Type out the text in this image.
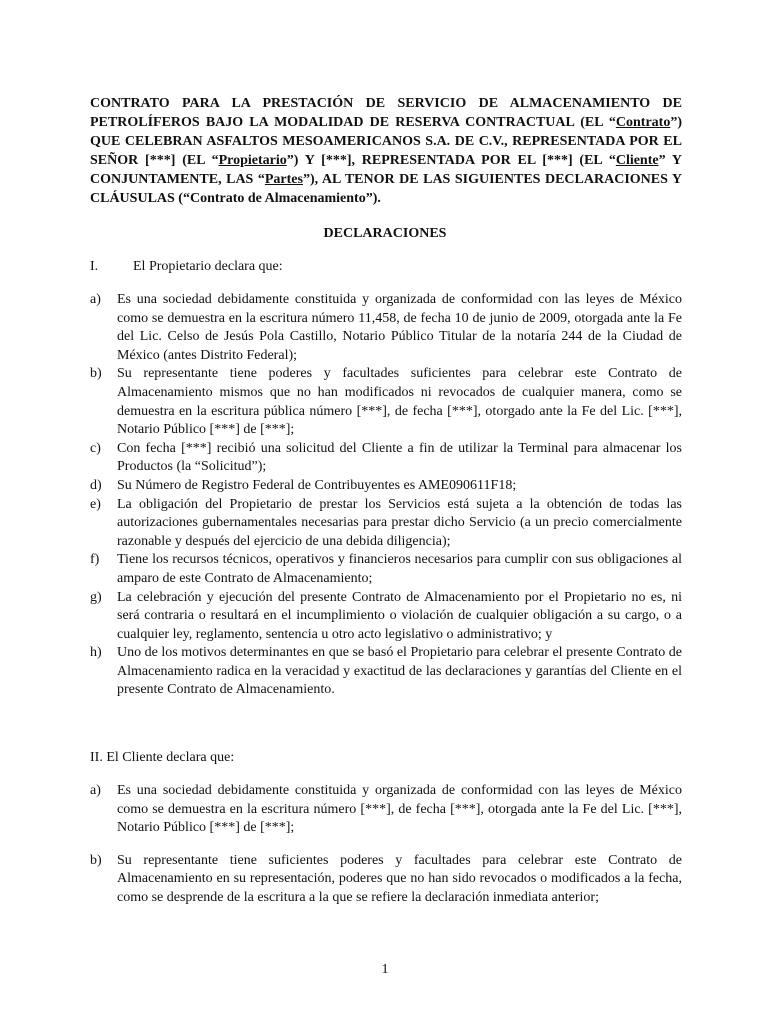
CONTRATO PARA LA PRESTACIÓN DE SERVICIO DE ALMACENAMIENTO DE PETROLÍFEROS BAJO LA MODALIDAD DE RESERVA CONTRACTUAL (EL “Contrato”) QUE CELEBRAN ASFALTOS MESOAMERICANOS S.A. DE C.V., REPRESENTADA POR EL SEÑOR [***] (EL “Propietario”) Y [***], REPRESENTADA POR EL [***] (EL “Cliente” Y CONJUNTAMENTE, LAS “Partes”), AL TENOR DE LAS SIGUIENTES DECLARACIONES Y CLÁUSULAS (“Contrato de Almacenamiento”).
DECLARACIONES
I. El Propietario declara que:
a)	Es una sociedad debidamente constituida y organizada de conformidad con las leyes de México como se demuestra en la escritura número 11,458, de fecha 10 de junio de 2009, otorgada ante la Fe del Lic. Celso de Jesús Pola Castillo, Notario Público Titular de la notaría 244 de la Ciudad de México (antes Distrito Federal);
b)	Su representante tiene poderes y facultades suficientes para celebrar este Contrato de Almacenamiento mismos que no han modificados ni revocados de cualquier manera, como se demuestra en la escritura pública número [***], de fecha [***], otorgado ante la Fe del Lic. [***], Notario Público [***] de [***];
c)	Con fecha [***] recibió una solicitud del Cliente a fin de utilizar la Terminal para almacenar los Productos (la “Solicitud”);
d)	Su Número de Registro Federal de Contribuyentes es AME090611F18;
e)	La obligación del Propietario de prestar los Servicios está sujeta a la obtención de todas las autorizaciones gubernamentales necesarias para prestar dicho Servicio (a un precio comercialmente razonable y después del ejercicio de una debida diligencia);
f)	Tiene los recursos técnicos, operativos y financieros necesarios para cumplir con sus obligaciones al amparo de este Contrato de Almacenamiento;
g)	La celebración y ejecución del presente Contrato de Almacenamiento por el Propietario no es, ni será contraria o resultará en el incumplimiento o violación de cualquier obligación a su cargo, o a cualquier ley, reglamento, sentencia u otro acto legislativo o administrativo; y
h)	Uno de los motivos determinantes en que se basó el Propietario para celebrar el presente Contrato de Almacenamiento radica en la veracidad y exactitud de las declaraciones y garantías del Cliente en el presente Contrato de Almacenamiento.
II. El Cliente declara que:
a)	Es una sociedad debidamente constituida y organizada de conformidad con las leyes de México como se demuestra en la escritura número [***], de fecha [***], otorgada ante la Fe del Lic. [***], Notario Público [***] de [***];
b)	Su representante tiene suficientes poderes y facultades para celebrar este Contrato de Almacenamiento en su representación, poderes que no han sido revocados o modificados a la fecha, como se desprende de la escritura a la que se refiere la declaración inmediata anterior;
1
